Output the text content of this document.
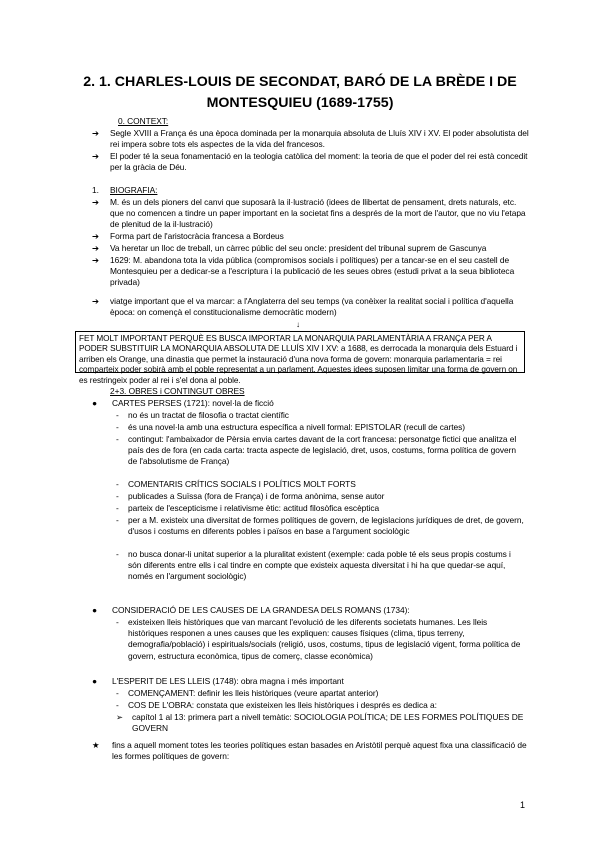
2. 1. CHARLES-LOUIS DE SECONDAT, BARÓ DE LA BRÈDE I DE MONTESQUIEU (1689-1755)
0. CONTEXT:
➔	Segle XVIII a França és una època dominada per la monarquia absoluta de Lluís XIV i XV. El poder absolutista del rei impera sobre tots els aspectes de la vida del francesos.
➔	El poder té la seua fonamentació en la teologia catòlica del moment: la teoria de que el poder del rei està concedit per la gràcia de Déu.
1. BIOGRAFIA:
➔	M. és un dels pioners del canvi que suposarà la il·lustració (idees de llibertat de pensament, drets naturals, etc. que no comencen a tindre un paper important en la societat fins a després de la mort de l'autor, que no viu l'etapa de plenitud de la il·lustració)
➔	Forma part de l'aristocràcia francesa a Bordeus
➔	Va heretar un lloc de treball, un càrrec públic del seu oncle: president del tribunal suprem de Gascunya
➔	1629: M. abandona tota la vida pública (compromisos socials i polítiques) per a tancar-se en el seu castell de Montesquieu per a dedicar-se a l'escriptura i la publicació de les seues obres (estudi privat a la seua biblioteca privada)
➔	viatge important que el va marcar: a l'Anglaterra del seu temps (va conèixer la realitat social i política d'aquella època: on començà el constitucionalisme democràtic modern)
↓
FET MOLT IMPORTANT PERQUÈ ES BUSCA IMPORTAR LA MONARQUIA PARLAMENTÀRIA A FRANÇA PER A PODER SUBSTITUIR LA MONARQUIA ABSOLUTA DE LLUÍS XIV I XV: a 1688, es derrocada la monarquia dels Estuard i arriben els Orange, una dinastia que permet la instauració d'una nova forma de govern: monarquia parlamentaria = rei comparteix poder sobirà amb el poble representat a un parlament. Aquestes idees suposen limitar una forma de govern on es restringeix poder al rei i s'el dona al poble.
2+3. OBRES i CONTINGUT OBRES
● CARTES PERSES (1721): novel·la de ficció
- no és un tractat de filosofia o tractat científic
- és una novel·la amb una estructura específica a nivell formal: EPISTOLAR (recull de cartes)
- contingut: l'ambaixador de Pèrsia envia cartes davant de la cort francesa: personatge fictici que analitza el país des de fora (en cada carta: tracta aspecte de legislació, dret, usos, costums, forma política de govern de l'absolutisme de França)
- COMENTARIS CRÍTICS SOCIALS I POLÍTICS MOLT FORTS
- publicades a Suïssa (fora de França) i de forma anònima, sense autor
- parteix de l'escepticisme i relativisme ètic: actitud filosòfica escèptica
- per a M. existeix una diversitat de formes polítiques de govern, de legislacions jurídiques de dret, de govern, d'usos i costums en diferents pobles i països en base a l'argument sociològic
- no busca donar-li unitat superior a la pluralitat existent (exemple: cada poble té els seus propis costums i són diferents entre ells i cal tindre en compte que existeix aquesta diversitat i hi ha que quedar-se aquí, només en l'argument sociològic)
● CONSIDERACIÓ DE LES CAUSES DE LA GRANDESA DELS ROMANS (1734):
- existeixen lleis històriques que van marcant l'evolució de les diferents societats humanes. Les lleis històriques responen a unes causes que les expliquen: causes físiques (clima, tipus terreny, demografia/població) i espirituals/socials (religió, usos, costums, tipus de legislació vigent, forma política de govern, estructura econòmica, tipus de comerç, classe econòmica)
● L'ESPERIT DE LES LLEIS (1748): obra magna i més important
- COMENÇAMENT: definir les lleis històriques (veure apartat anterior)
- COS DE L'OBRA: constata que existeixen les lleis històriques i després es dedica a:
➢ capítol 1 al 13: primera part a nivell temàtic: SOCIOLOGIA POLÍTICA; DE LES FORMES POLÍTIQUES DE GOVERN
★ fins a aquell moment totes les teories polítiques estan basades en Aristòtil perquè aquest fixa una classificació de les formes polítiques de govern:
1
